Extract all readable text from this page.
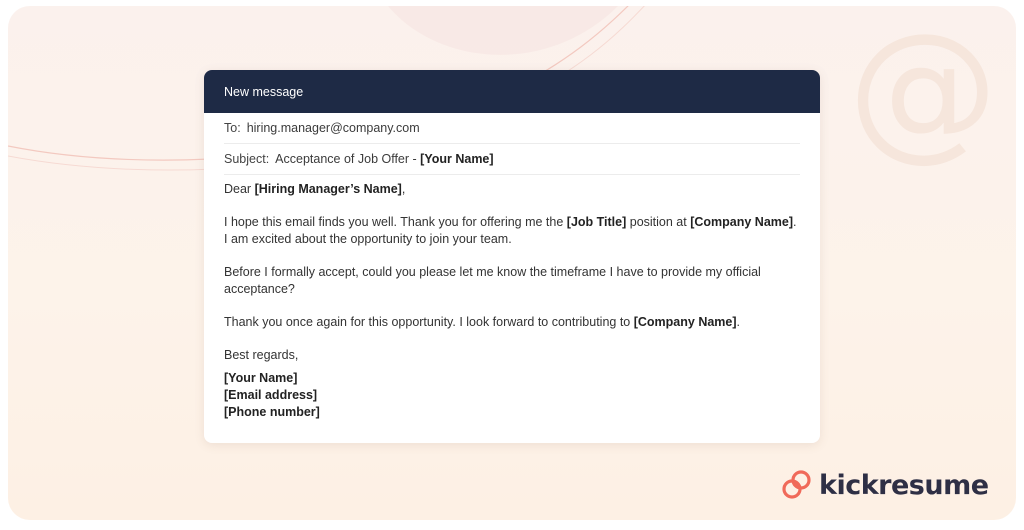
@
New message
To: hiring.manager@company.com
Subject: Acceptance of Job Offer - [Your Name]

Dear [Hiring Manager’s Name],

I hope this email finds you well. Thank you for offering me the [Job Title] position at [Company Name].
I am excited about the opportunity to join your team.

Before I formally accept, could you please let me know the timeframe I have to provide my official acceptance?

Thank you once again for this opportunity. I look forward to contributing to [Company Name].

Best regards,

[Your Name]
[Email address]
[Phone number]
kickresume
